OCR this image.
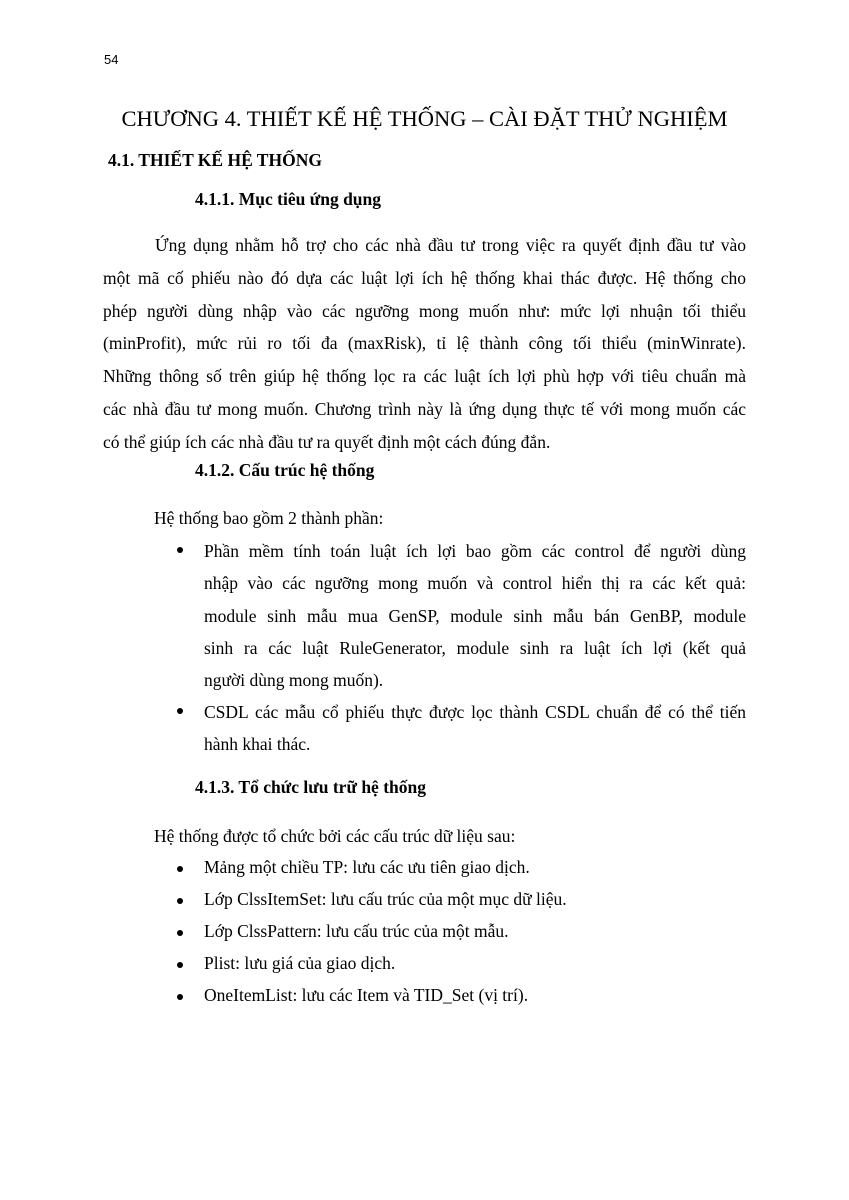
54
CHƯƠNG 4. THIẾT KẾ HỆ THỐNG – CÀI ĐẶT THỬ NGHIỆM
4.1. THIẾT KẾ HỆ THỐNG
4.1.1. Mục tiêu ứng dụng
Ứng dụng nhằm hỗ trợ cho các nhà đầu tư trong việc ra quyết định đầu tư vào
một mã cố phiếu nào đó dựa các luật lợi ích hệ thống khai thác được. Hệ thống cho
phép người dùng nhập vào các ngưỡng mong muốn như: mức lợi nhuận tối thiểu
(minProfit), mức rủi ro tối đa (maxRisk), tỉ lệ thành công tối thiểu (minWinrate).
Những thông số trên giúp hệ thống lọc ra các luật ích lợi phù hợp với tiêu chuẩn mà
các nhà đầu tư mong muốn. Chương trình này là ứng dụng thực tế với mong muốn các
có thể giúp ích các nhà đầu tư ra quyết định một cách đúng đắn.
4.1.2. Cấu trúc hệ thống
Hệ thống bao gồm 2 thành phần:
Phần mềm tính toán luật ích lợi bao gồm các control để người dùng
nhập vào các ngưỡng mong muốn và control hiển thị ra các kết quả:
module sinh mẫu mua GenSP, module sinh mẫu bán GenBP, module
sinh ra các luật RuleGenerator, module sinh ra luật ích lợi (kết quả
người dùng mong muốn).
CSDL các mẫu cổ phiếu thực được lọc thành CSDL chuẩn để có thể tiến
hành khai thác.
4.1.3. Tổ chức lưu trữ hệ thống
Hệ thống được tổ chức bởi các cấu trúc dữ liệu sau:
Mảng một chiều TP: lưu các ưu tiên giao dịch.
Lớp ClssItemSet: lưu cấu trúc của một mục dữ liệu.
Lớp ClssPattern: lưu cấu trúc của một mẫu.
Plist: lưu giá của giao dịch.
OneItemList: lưu các Item và TID_Set (vị trí).
